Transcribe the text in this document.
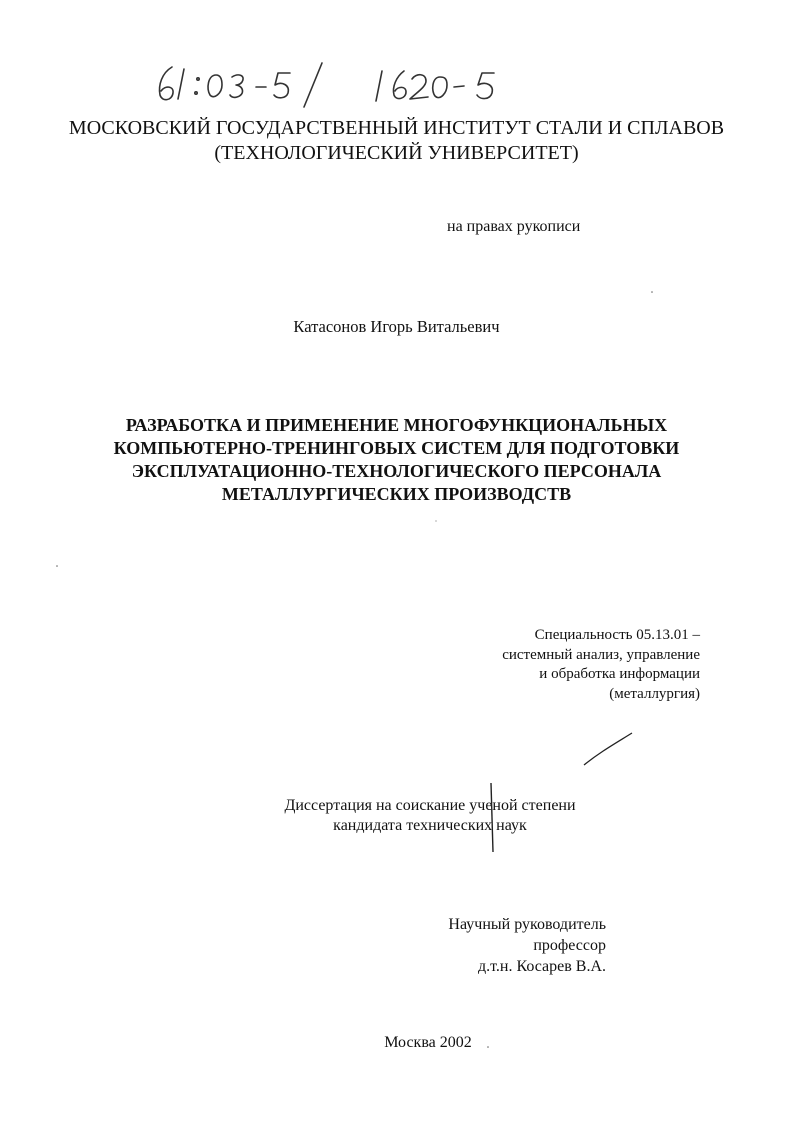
МОСКОВСКИЙ ГОСУДАРСТВЕННЫЙ ИНСТИТУТ СТАЛИ И СПЛАВОВ
(ТЕХНОЛОГИЧЕСКИЙ УНИВЕРСИТЕТ)
на правах рукописи
Катасонов Игорь Витальевич
РАЗРАБОТКА И ПРИМЕНЕНИЕ МНОГОФУНКЦИОНАЛЬНЫХ
КОМПЬЮТЕРНО-ТРЕНИНГОВЫХ СИСТЕМ ДЛЯ ПОДГОТОВКИ
ЭКСПЛУАТАЦИОННО-ТЕХНОЛОГИЧЕСКОГО ПЕРСОНАЛА
МЕТАЛЛУРГИЧЕСКИХ ПРОИЗВОДСТВ
Специальность 05.13.01 –
системный анализ, управление
и обработка информации
(металлургия)
Диссертация на соискание ученой степени
кандидата технических наук
Научный руководитель
профессор
д.т.н. Косарев В.А.
Москва 2002
